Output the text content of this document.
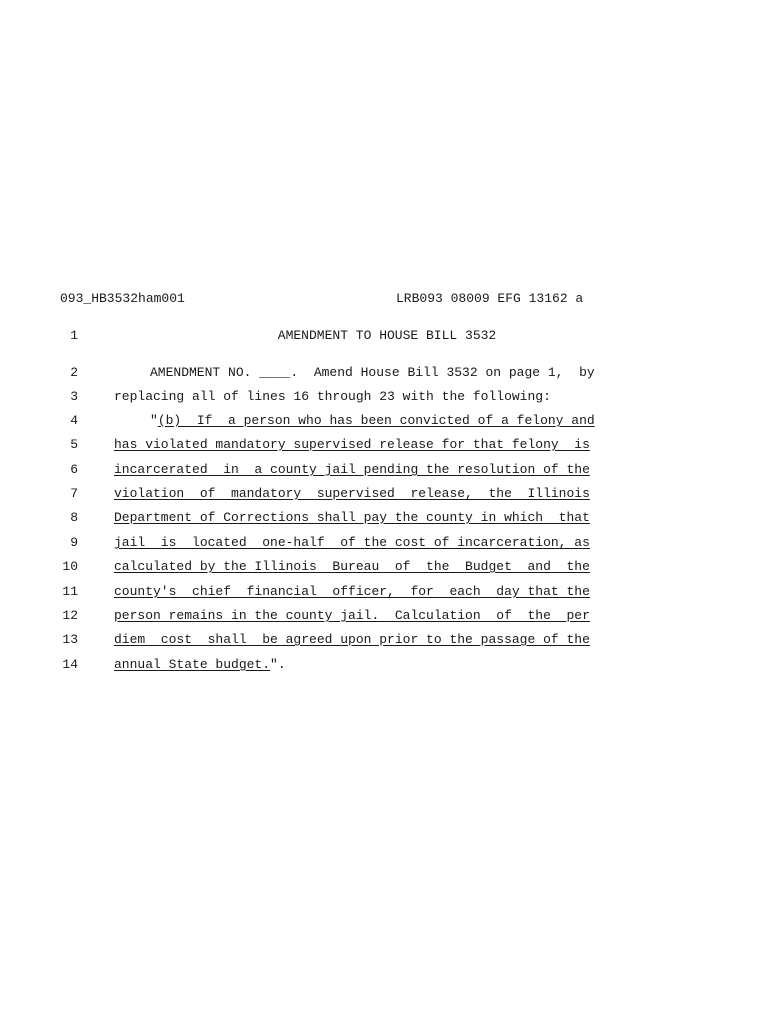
093_HB3532ham001	LRB093 08009 EFG 13162 a
1	AMENDMENT TO HOUSE BILL 3532
2	AMENDMENT NO. ____.  Amend House Bill 3532 on page 1,  by
3	replacing all of lines 16 through 23 with the following:
4	"(b)  If  a person who has been convicted of a felony and
5	has violated mandatory supervised release for that felony  is
6	incarcerated  in  a county jail pending the resolution of the
7	violation  of  mandatory  supervised  release,  the  Illinois
8	Department of Corrections shall pay the county in which  that
9	jail  is  located  one-half  of the cost of incarceration, as
10	calculated by the Illinois  Bureau  of  the  Budget  and  the
11	county's  chief  financial  officer,  for  each  day that the
12	person remains in the county jail.  Calculation  of  the  per
13	diem  cost  shall  be agreed upon prior to the passage of the
14	annual State budget.".
